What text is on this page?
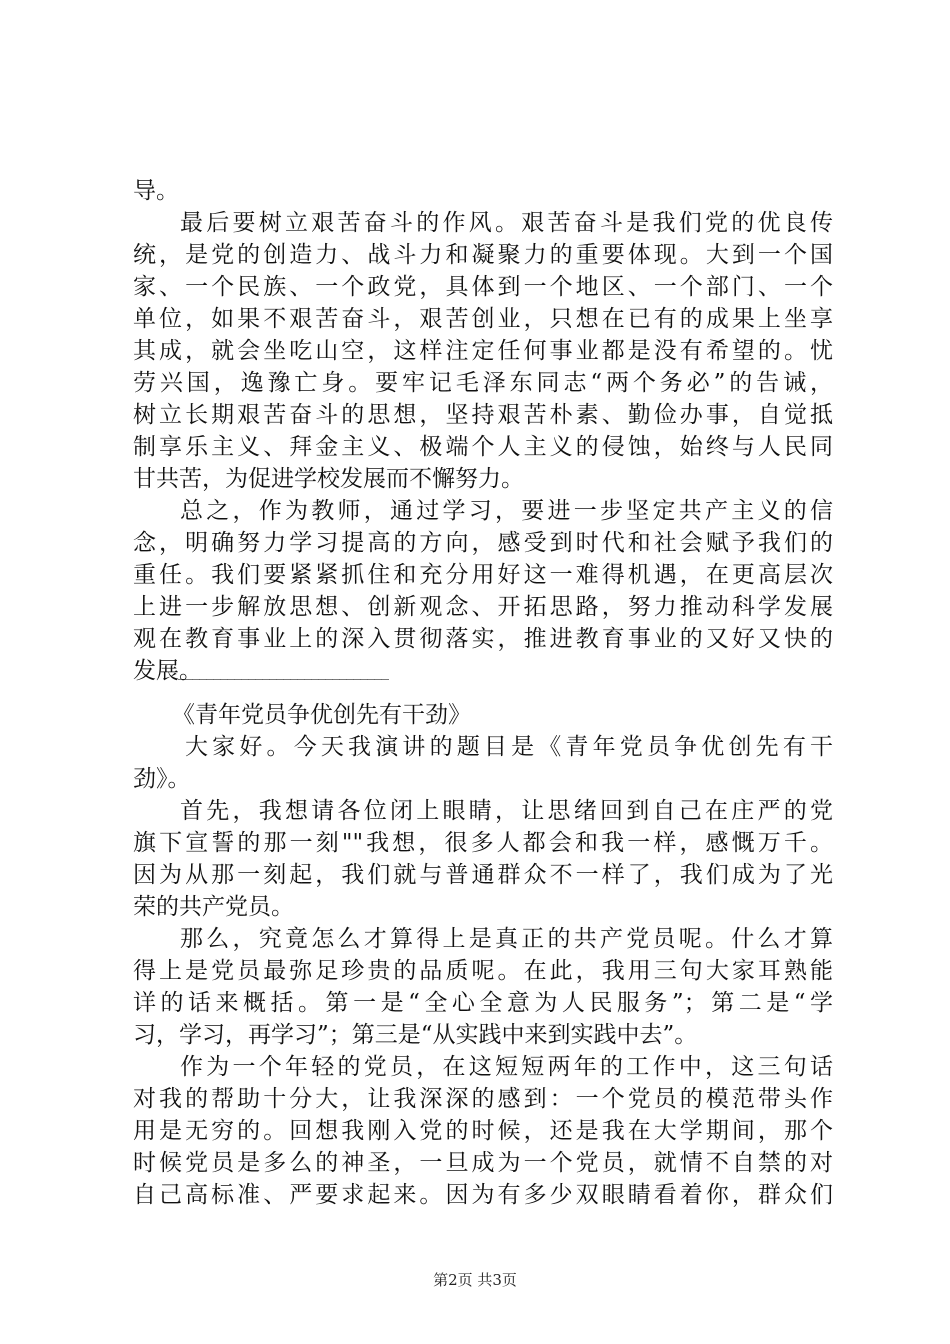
导。
最后要树立艰苦奋斗的作风。艰苦奋斗是我们党的优良传
统，是党的创造力、战斗力和凝聚力的重要体现。大到一个国
家、一个民族、一个政党，具体到一个地区、一个部门、一个
单位，如果不艰苦奋斗，艰苦创业，只想在已有的成果上坐享
其成，就会坐吃山空，这样注定任何事业都是没有希望的。忧
劳兴国，逸豫亡身。要牢记毛泽东同志“两个务必”的告诫，
树立长期艰苦奋斗的思想，坚持艰苦朴素、勤俭办事，自觉抵
制享乐主义、拜金主义、极端个人主义的侵蚀，始终与人民同
甘共苦，为促进学校发展而不懈努力。
总之，作为教师，通过学习，要进一步坚定共产主义的信
念，明确努力学习提高的方向，感受到时代和社会赋予我们的
重任。我们要紧紧抓住和充分用好这一难得机遇，在更高层次
上进一步解放思想、创新观念、开拓思路，努力推动科学发展
观在教育事业上的深入贯彻落实，推进教育事业的又好又快的
发展。
______________________________
《青年党员争优创先有干劲》
大家好。今天我演讲的题目是《青年党员争优创先有干
劲》。
首先，我想请各位闭上眼睛，让思绪回到自己在庄严的党
旗下宣誓的那一刻""我想，很多人都会和我一样，感慨万千。
因为从那一刻起，我们就与普通群众不一样了，我们成为了光
荣的共产党员。
那么，究竟怎么才算得上是真正的共产党员呢。什么才算
得上是党员最弥足珍贵的品质呢。在此，我用三句大家耳熟能
详的话来概括。第一是“全心全意为人民服务”；第二是“学
习，学习，再学习”；第三是“从实践中来到实践中去”。
作为一个年轻的党员，在这短短两年的工作中，这三句话
对我的帮助十分大，让我深深的感到：一个党员的模范带头作
用是无穷的。回想我刚入党的时候，还是我在大学期间，那个
时候党员是多么的神圣，一旦成为一个党员，就情不自禁的对
自己高标准、严要求起来。因为有多少双眼睛看着你，群众们
第2页 共3页
